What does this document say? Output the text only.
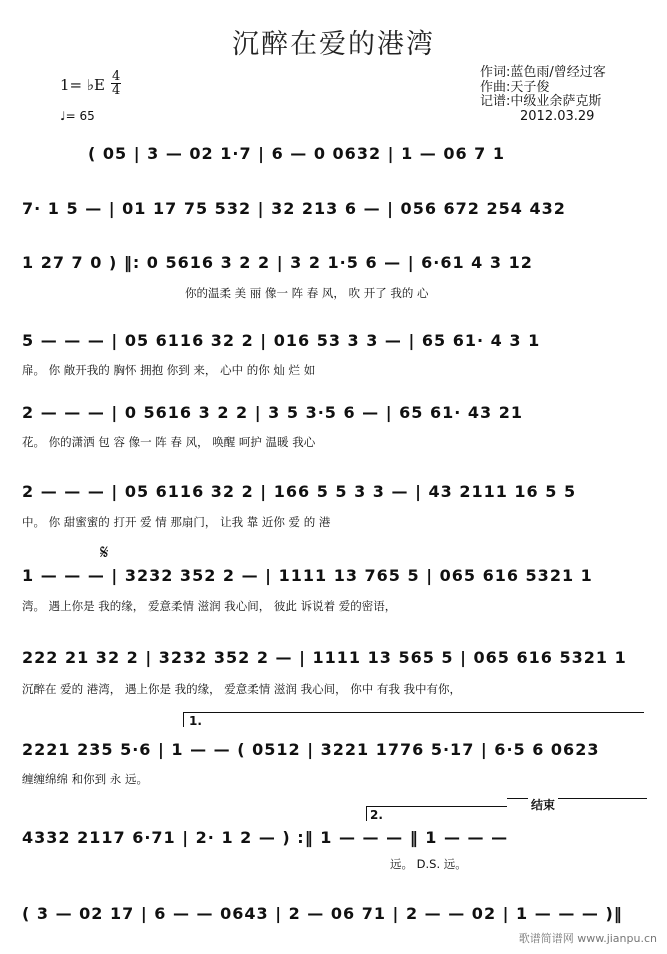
沉醉在爱的港湾
作词:蓝色雨/曾经过客
作曲:天子俊
记谱:中级业余萨克斯
2012.03.29
1= ♭E 4
4
♩= 65
( 05 | 3 — 02 1·7 | 6 — 0 0632 | 1 — 06 7 1
7· 1 5 — | 01 17 75 532 | 32 213 6 — | 056 672 254 432
1 27 7 0 ) ‖: 0 5616 3 2 2 | 3 2 1·5 6 — | 6·61 4 3 12
你的温柔 美 丽 像一 阵 春 风， 吹 开了 我的 心
5 — — — | 05 6116 32 2 | 016 53 3 3 — | 65 61· 4 3 1
扉。 你 敞开我的 胸怀 拥抱 你到 来， 心中 的你 灿 烂 如
2 — — — | 0 5616 3 2 2 | 3 5 3·5 6 — | 65 61· 43 21
花。 你的潇洒 包 容 像一 阵 春 风， 唤醒 呵护 温暖 我心
2 — — — | 05 6116 32 2 | 166 5 5 3 3 — | 43 2111 16 5 5
中。 你 甜蜜蜜的 打开 爱 情 那扇门， 让我 靠 近你 爱 的 港
𝄋
1 — — — | 3232 352 2 — | 1111 13 765 5 | 065 616 5321 1
湾。 遇上你是 我的缘， 爱意柔情 滋润 我心间， 彼此 诉说着 爱的密语，
222 21 32 2 | 3232 352 2 — | 1111 13 565 5 | 065 616 5321 1
沉醉在 爱的 港湾， 遇上你是 我的缘， 爱意柔情 滋润 我心间， 你中 有我 我中有你，
1.
2221 235 5·6 | 1 — — ( 0512 | 3221 1776 5·17 | 6·5 6 0623
缠缠绵绵 和你到 永 远。
2.
结束
4332 2117 6·71 | 2· 1 2 — ) :‖ 1 — — — ‖ 1 — — —
远。 D.S. 远。
( 3 — 02 17 | 6 — — 0643 | 2 — 06 71 | 2 — — 02 | 1 — — — )‖
歌谱简谱网 www.jianpu.cn
